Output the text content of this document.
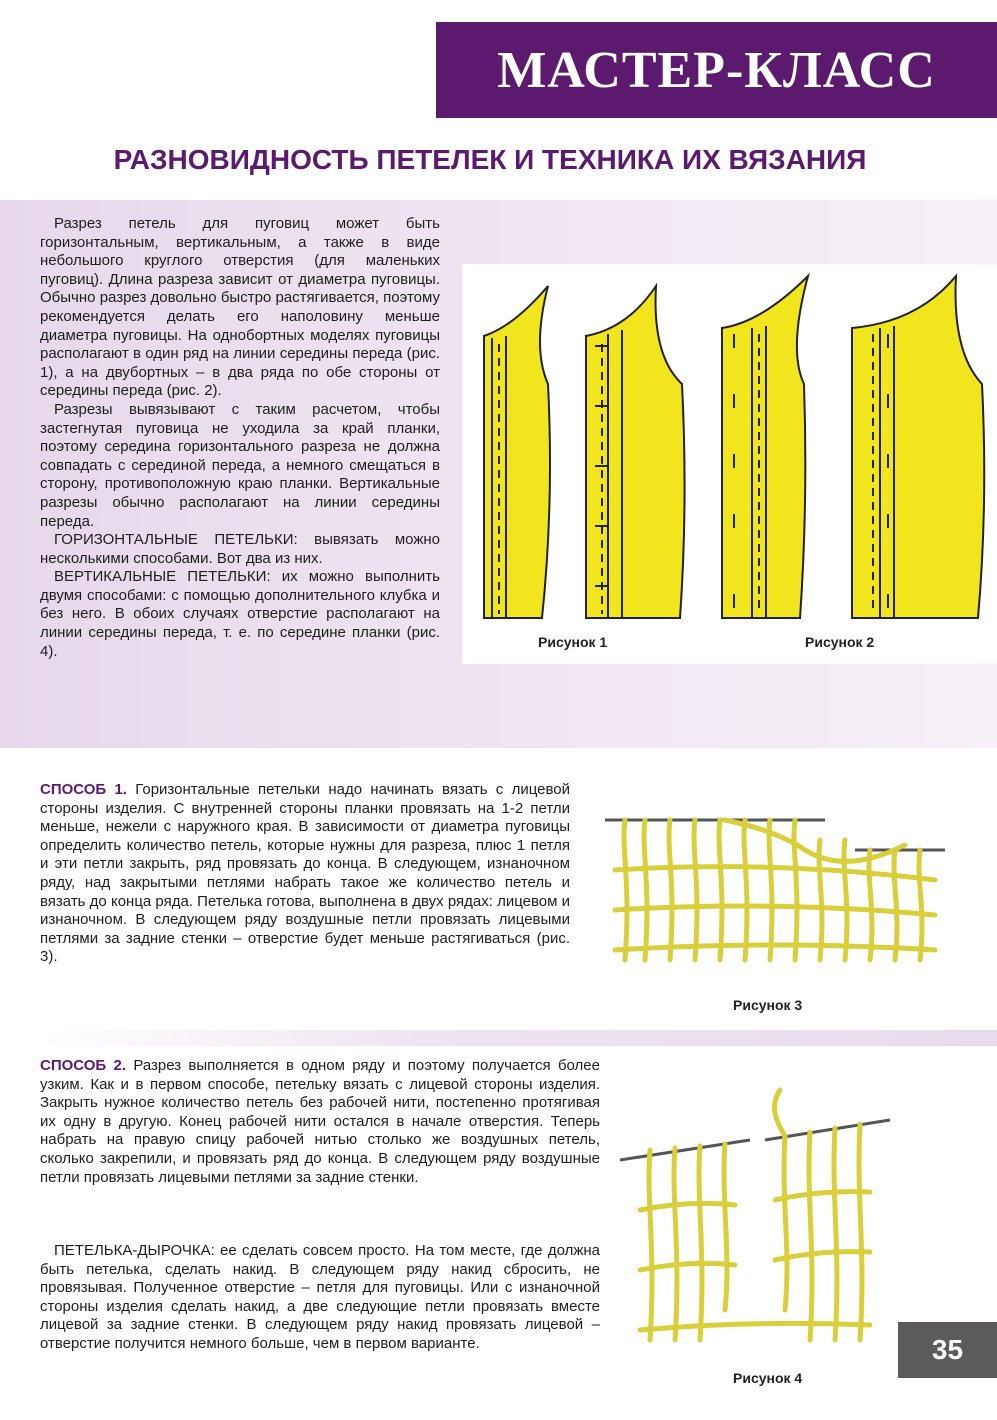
МАСТЕР-КЛАСС
РАЗНОВИДНОСТЬ ПЕТЕЛЕК И ТЕХНИКА ИХ ВЯЗАНИЯ

Разрез петель для пуговиц может быть горизонтальным, вертикальным, а также в виде небольшого круглого отверстия (для маленьких пуговиц). Длина разреза зависит от диаметра пуговицы. Обычно разрез довольно быстро растягивается, поэтому рекомендуется делать его наполовину меньше диаметра пуговицы. На однобортных моделях пуговицы располагают в один ряд на линии середины переда (рис. 1), а на двубортных – в два ряда по обе стороны от середины переда (рис. 2).

Разрезы вывязывают с таким расчетом, чтобы застегнутая пуговица не уходила за край планки, поэтому середина горизонтального разреза не должна совпадать с серединой переда, а немного смещаться в сторону, противоположную краю планки. Вертикальные разрезы обычно располагают на линии середины переда.

ГОРИЗОНТАЛЬНЫЕ ПЕТЕЛЬКИ: вывязать можно несколькими способами. Вот два из них.

ВЕРТИКАЛЬНЫЕ ПЕТЕЛЬКИ: их можно выполнить двумя способами: с помощью дополнительного клубка и без него. В обоих случаях отверстие располагают на линии середины переда, т. е. по середине планки (рис. 4).

Рисунок 1	Рисунок 2

СПОСОБ 1. Горизонтальные петельки надо начинать вязать с лицевой стороны изделия. С внутренней стороны планки провязать на 1-2 петли меньше, нежели с наружного края. В зависимости от диаметра пуговицы определить количество петель, которые нужны для разреза, плюс 1 петля и эти петли закрыть, ряд провязать до конца. В следующем, изнаночном ряду, над закрытыми петлями набрать такое же количество петель и вязать до конца ряда. Петелька готова, выполнена в двух рядах: лицевом и изнаночном. В следующем ряду воздушные петли провязать лицевыми петлями за задние стенки – отверстие будет меньше растягиваться (рис. 3).

Рисунок 3

СПОСОБ 2. Разрез выполняется в одном ряду и поэтому получается более узким. Как и в первом способе, петельку вязать с лицевой стороны изделия. Закрыть нужное количество петель без рабочей нити, постепенно протягивая их одну в другую. Конец рабочей нити остался в начале отверстия. Теперь набрать на правую спицу рабочей нитью столько же воздушных петель, сколько закрепили, и провязать ряд до конца. В следующем ряду воздушные петли провязать лицевыми петлями за задние стенки.

ПЕТЕЛЬКА-ДЫРОЧКА: ее сделать совсем просто. На том месте, где должна быть петелька, сделать накид. В следующем ряду накид сбросить, не провязывая. Полученное отверстие – петля для пуговицы. Или с изнаночной стороны изделия сделать накид, а две следующие петли провязать вместе лицевой за задние стенки. В следующем ряду накид провязать лицевой – отверстие получится немного больше, чем в первом варианте.

Рисунок 4
35
